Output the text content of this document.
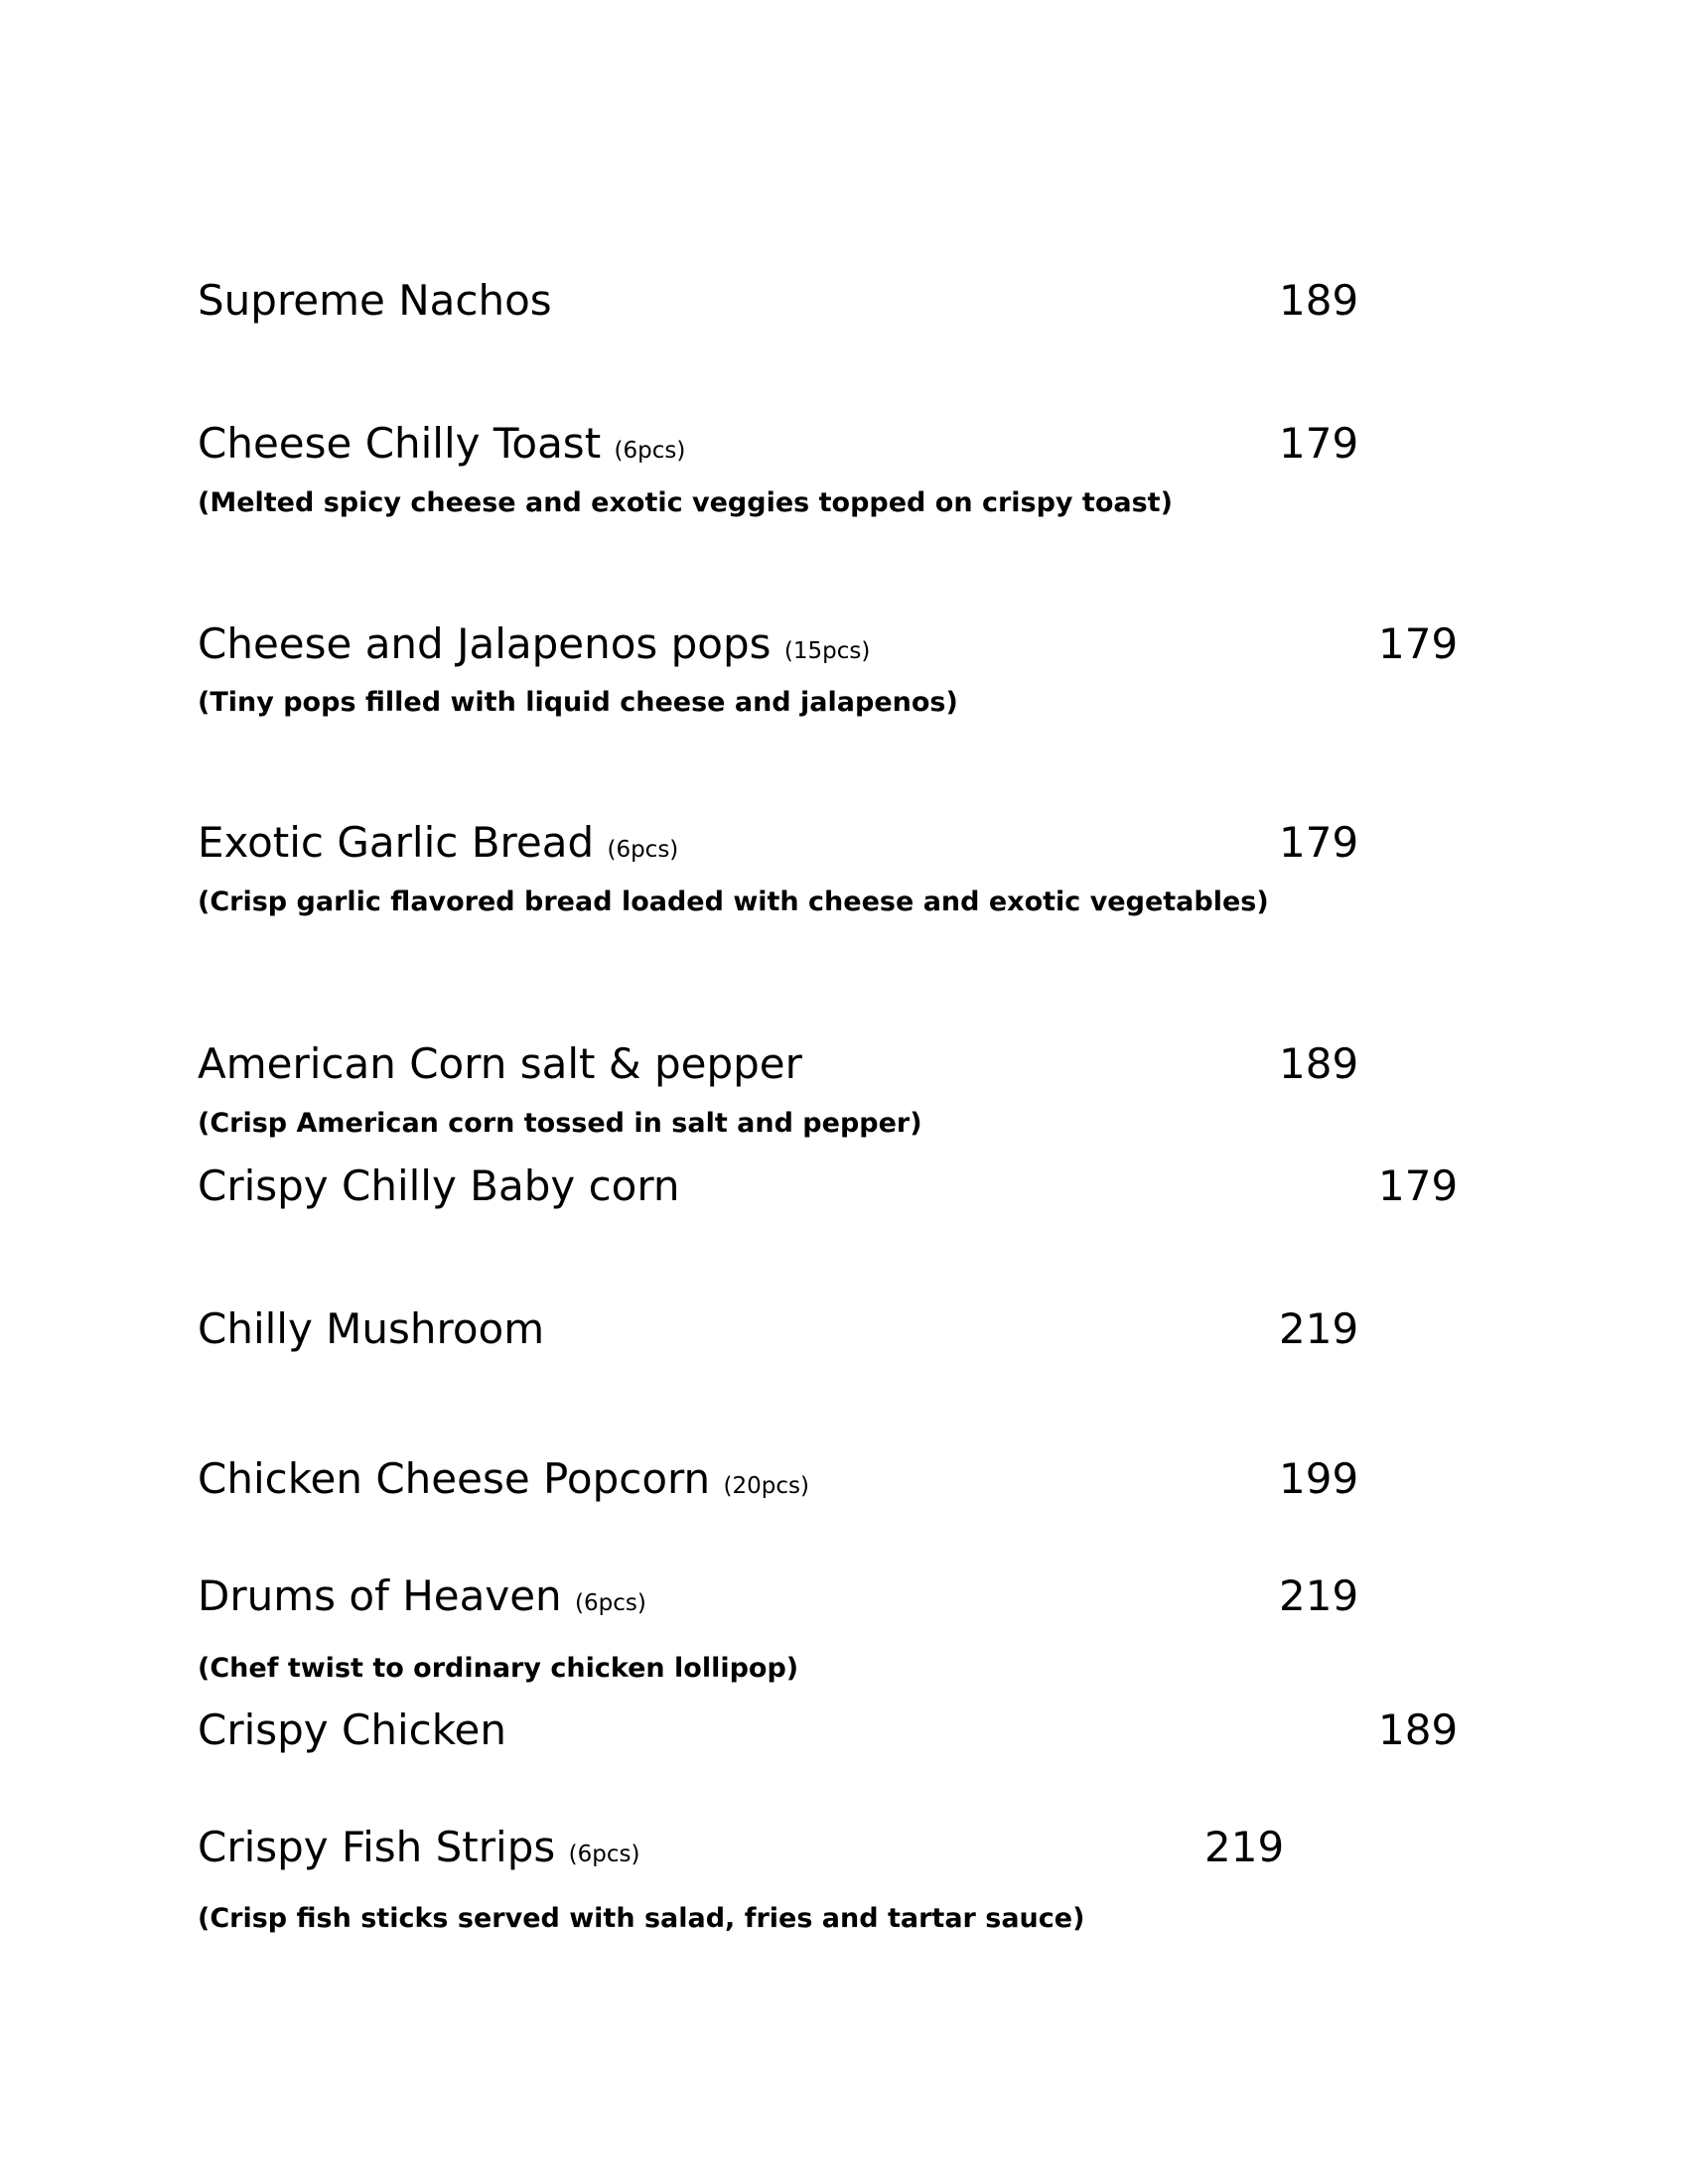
Supreme Nachos	189
Cheese Chilly Toast (6pcs)	179
(Melted spicy cheese and exotic veggies topped on crispy toast)
Cheese and Jalapenos pops (15pcs)	179
(Tiny pops filled with liquid cheese and jalapenos)
Exotic Garlic Bread (6pcs)	179
(Crisp garlic flavored bread loaded with cheese and exotic vegetables)
American Corn salt & pepper	189
(Crisp American corn tossed in salt and pepper)
Crispy Chilly Baby corn	179
Chilly Mushroom	219
Chicken Cheese Popcorn (20pcs)	199
Drums of Heaven (6pcs)	219
(Chef twist to ordinary chicken lollipop)
Crispy Chicken	189
Crispy Fish Strips (6pcs)	219
(Crisp fish sticks served with salad, fries and tartar sauce)
